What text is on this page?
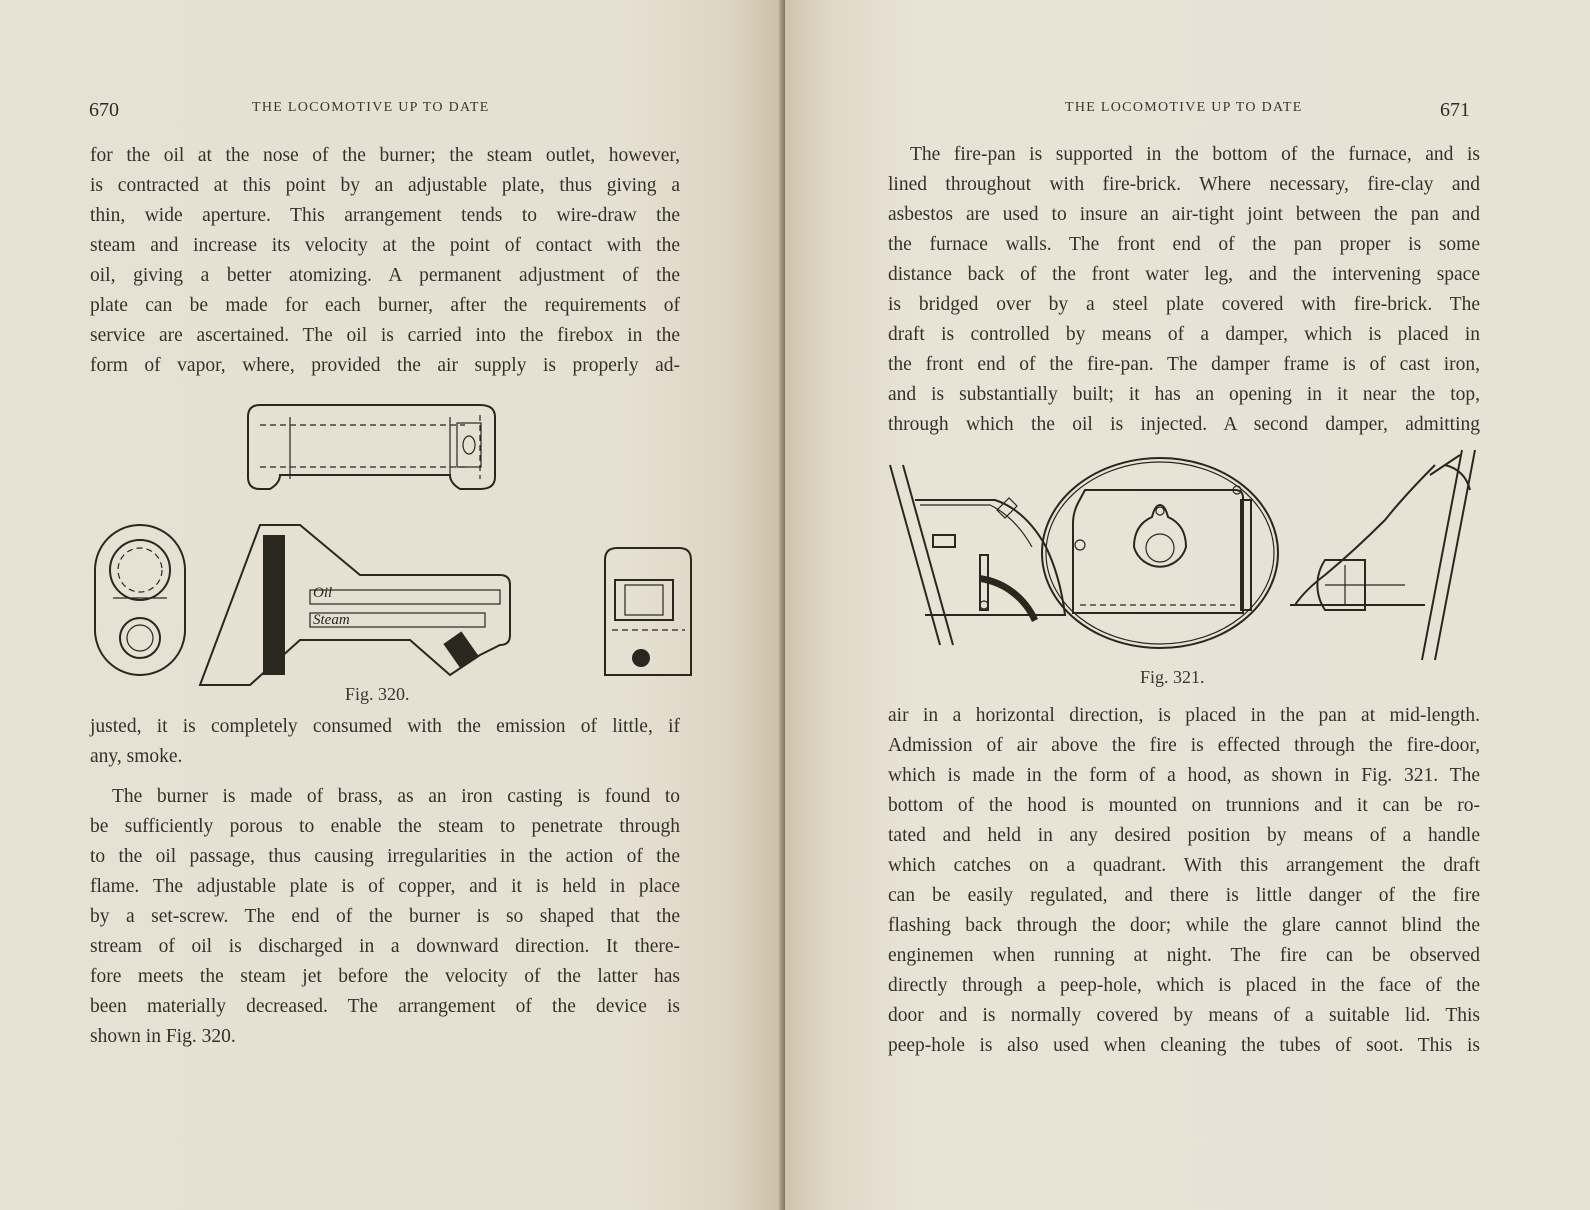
670	THE LOCOMOTIVE UP TO DATE
for the oil at the nose of the burner; the steam outlet, however,
is contracted at this point by an adjustable plate, thus giving a
thin, wide aperture. This arrangement tends to wire-draw the
steam and increase its velocity at the point of contact with the
oil, giving a better atomizing. A permanent adjustment of the
plate can be made for each burner, after the requirements of
service are ascertained. The oil is carried into the firebox in the
form of vapor, where, provided the air supply is properly ad-
Oil
Steam
Fig. 320.
justed, it is completely consumed with the emission of little, if
any, smoke.
The burner is made of brass, as an iron casting is found to
be sufficiently porous to enable the steam to penetrate through
to the oil passage, thus causing irregularities in the action of the
flame. The adjustable plate is of copper, and it is held in place
by a set-screw. The end of the burner is so shaped that the
stream of oil is discharged in a downward direction. It there-
fore meets the steam jet before the velocity of the latter has
been materially decreased. The arrangement of the device is
shown in Fig. 320.
THE LOCOMOTIVE UP TO DATE	671
The fire-pan is supported in the bottom of the furnace, and is
lined throughout with fire-brick. Where necessary, fire-clay and
asbestos are used to insure an air-tight joint between the pan and
the furnace walls. The front end of the pan proper is some
distance back of the front water leg, and the intervening space
is bridged over by a steel plate covered with fire-brick. The
draft is controlled by means of a damper, which is placed in
the front end of the fire-pan. The damper frame is of cast iron,
and is substantially built; it has an opening in it near the top,
through which the oil is injected. A second damper, admitting
Fig. 321.
air in a horizontal direction, is placed in the pan at mid-length.
Admission of air above the fire is effected through the fire-door,
which is made in the form of a hood, as shown in Fig. 321. The
bottom of the hood is mounted on trunnions and it can be ro-
tated and held in any desired position by means of a handle
which catches on a quadrant. With this arrangement the draft
can be easily regulated, and there is little danger of the fire
flashing back through the door; while the glare cannot blind the
enginemen when running at night. The fire can be observed
directly through a peep-hole, which is placed in the face of the
door and is normally covered by means of a suitable lid. This
peep-hole is also used when cleaning the tubes of soot. This is
